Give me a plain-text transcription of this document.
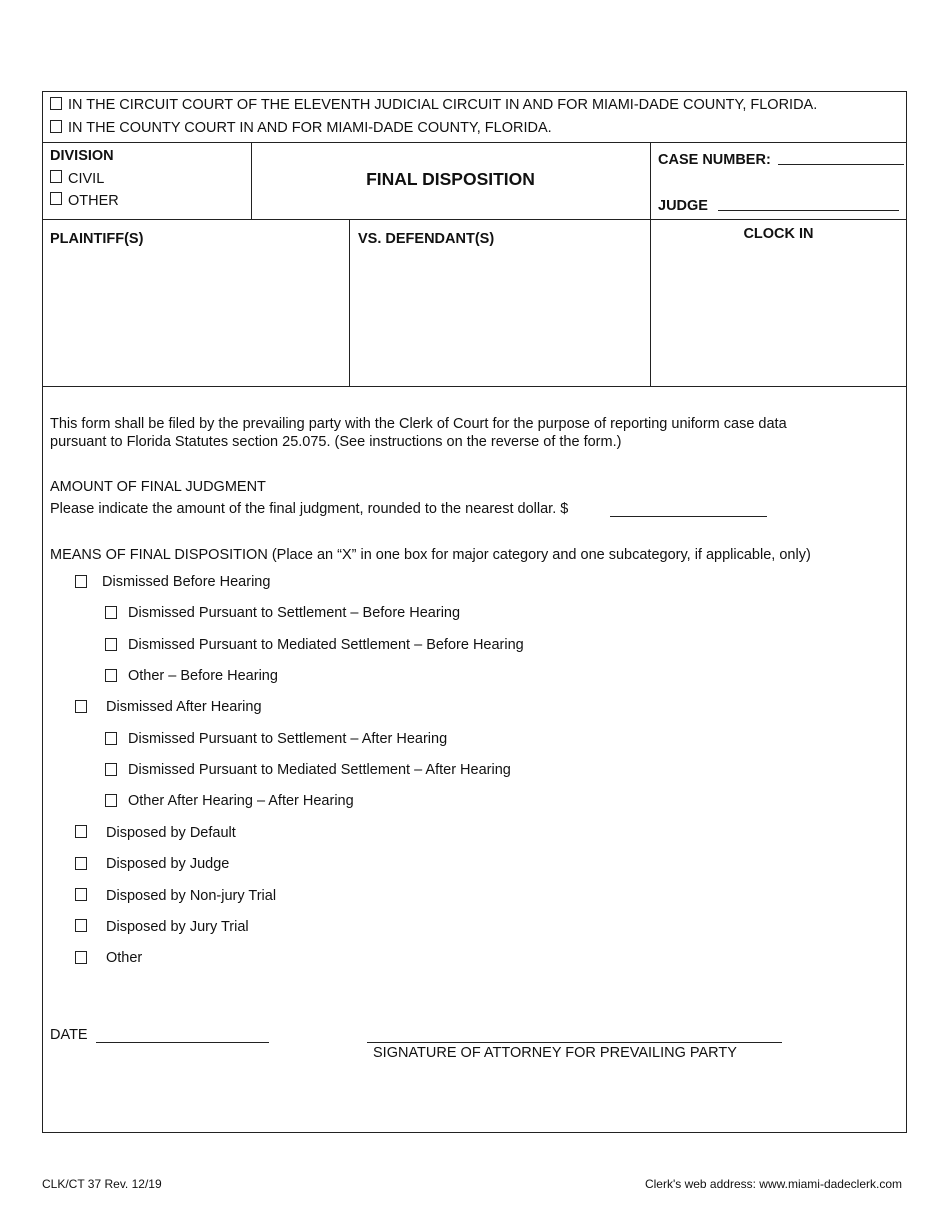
IN THE CIRCUIT COURT OF THE ELEVENTH JUDICIAL CIRCUIT IN AND FOR MIAMI-DADE COUNTY, FLORIDA.
IN THE COUNTY COURT IN AND FOR MIAMI-DADE COUNTY, FLORIDA.
DIVISION
CIVIL
OTHER
FINAL DISPOSITION
CASE NUMBER:
JUDGE
PLAINTIFF(S)	VS. DEFENDANT(S)	CLOCK IN
This form shall be filed by the prevailing party with the Clerk of Court for the purpose of reporting uniform case data
pursuant to Florida Statutes section 25.075. (See instructions on the reverse of the form.)
AMOUNT OF FINAL JUDGMENT
Please indicate the amount of the final judgment, rounded to the nearest dollar. $
MEANS OF FINAL DISPOSITION (Place an “X” in one box for major category and one subcategory, if applicable, only)
Dismissed Before Hearing
Dismissed Pursuant to Settlement – Before Hearing
Dismissed Pursuant to Mediated Settlement – Before Hearing
Other – Before Hearing
Dismissed After Hearing
Dismissed Pursuant to Settlement – After Hearing
Dismissed Pursuant to Mediated Settlement – After Hearing
Other After Hearing – After Hearing
Disposed by Default
Disposed by Judge
Disposed by Non-jury Trial
Disposed by Jury Trial
Other
DATE
SIGNATURE OF ATTORNEY FOR PREVAILING PARTY
CLK/CT 37 Rev. 12/19	Clerk's web address: www.miami-dadeclerk.com
